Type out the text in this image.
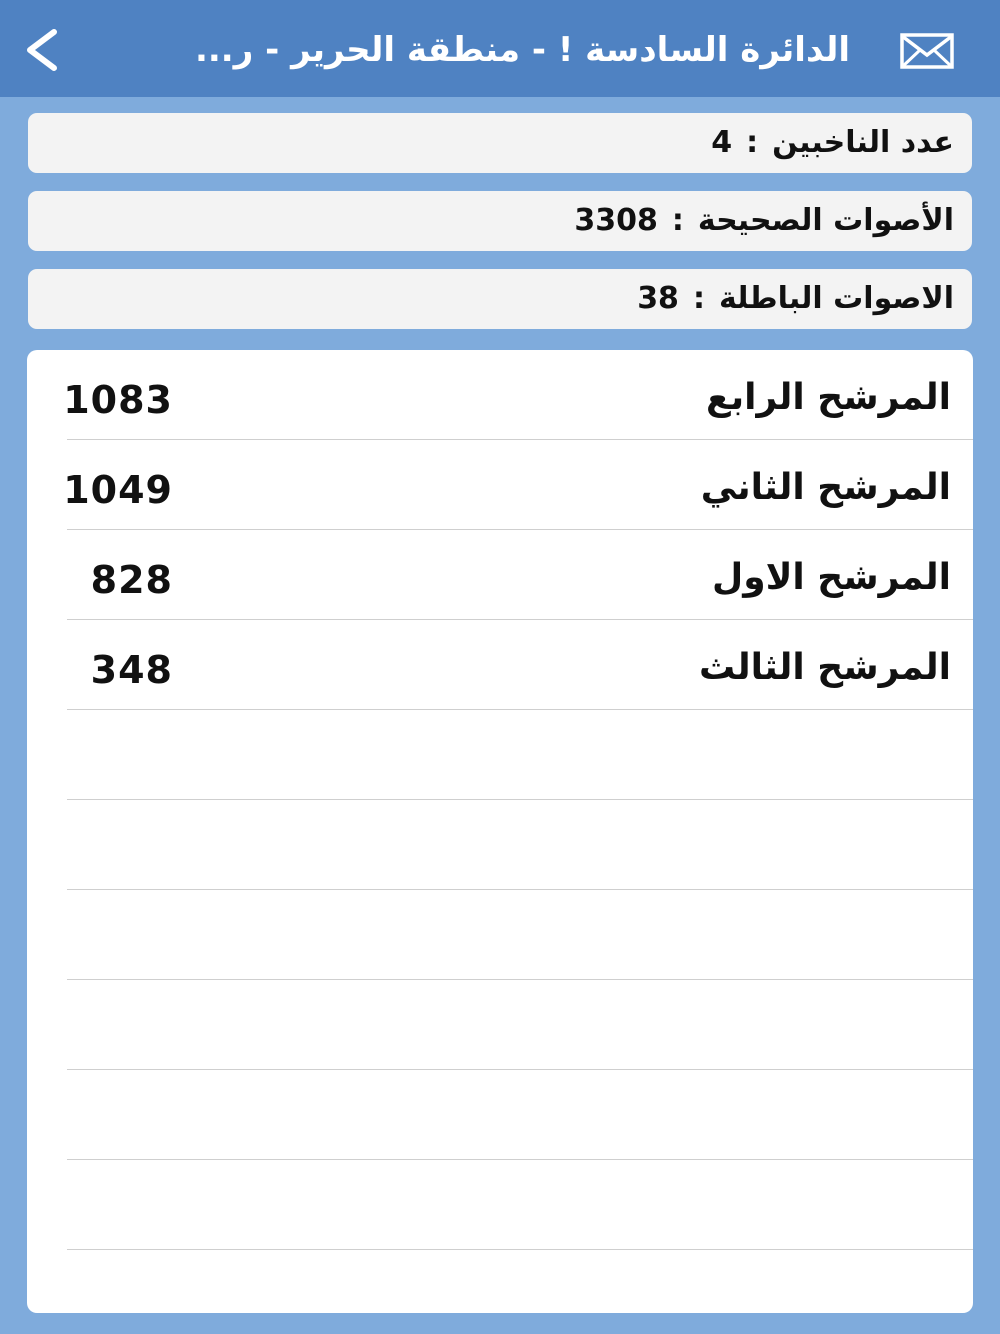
الدائرة السادسة ! - منطقة الحرير - ر...
عدد الناخبين:4
الأصوات الصحيحة:3308
الاصوات الباطلة:38
المرشح الرابع
1083
المرشح الثاني
1049
المرشح الاول
828
المرشح الثالث
348
